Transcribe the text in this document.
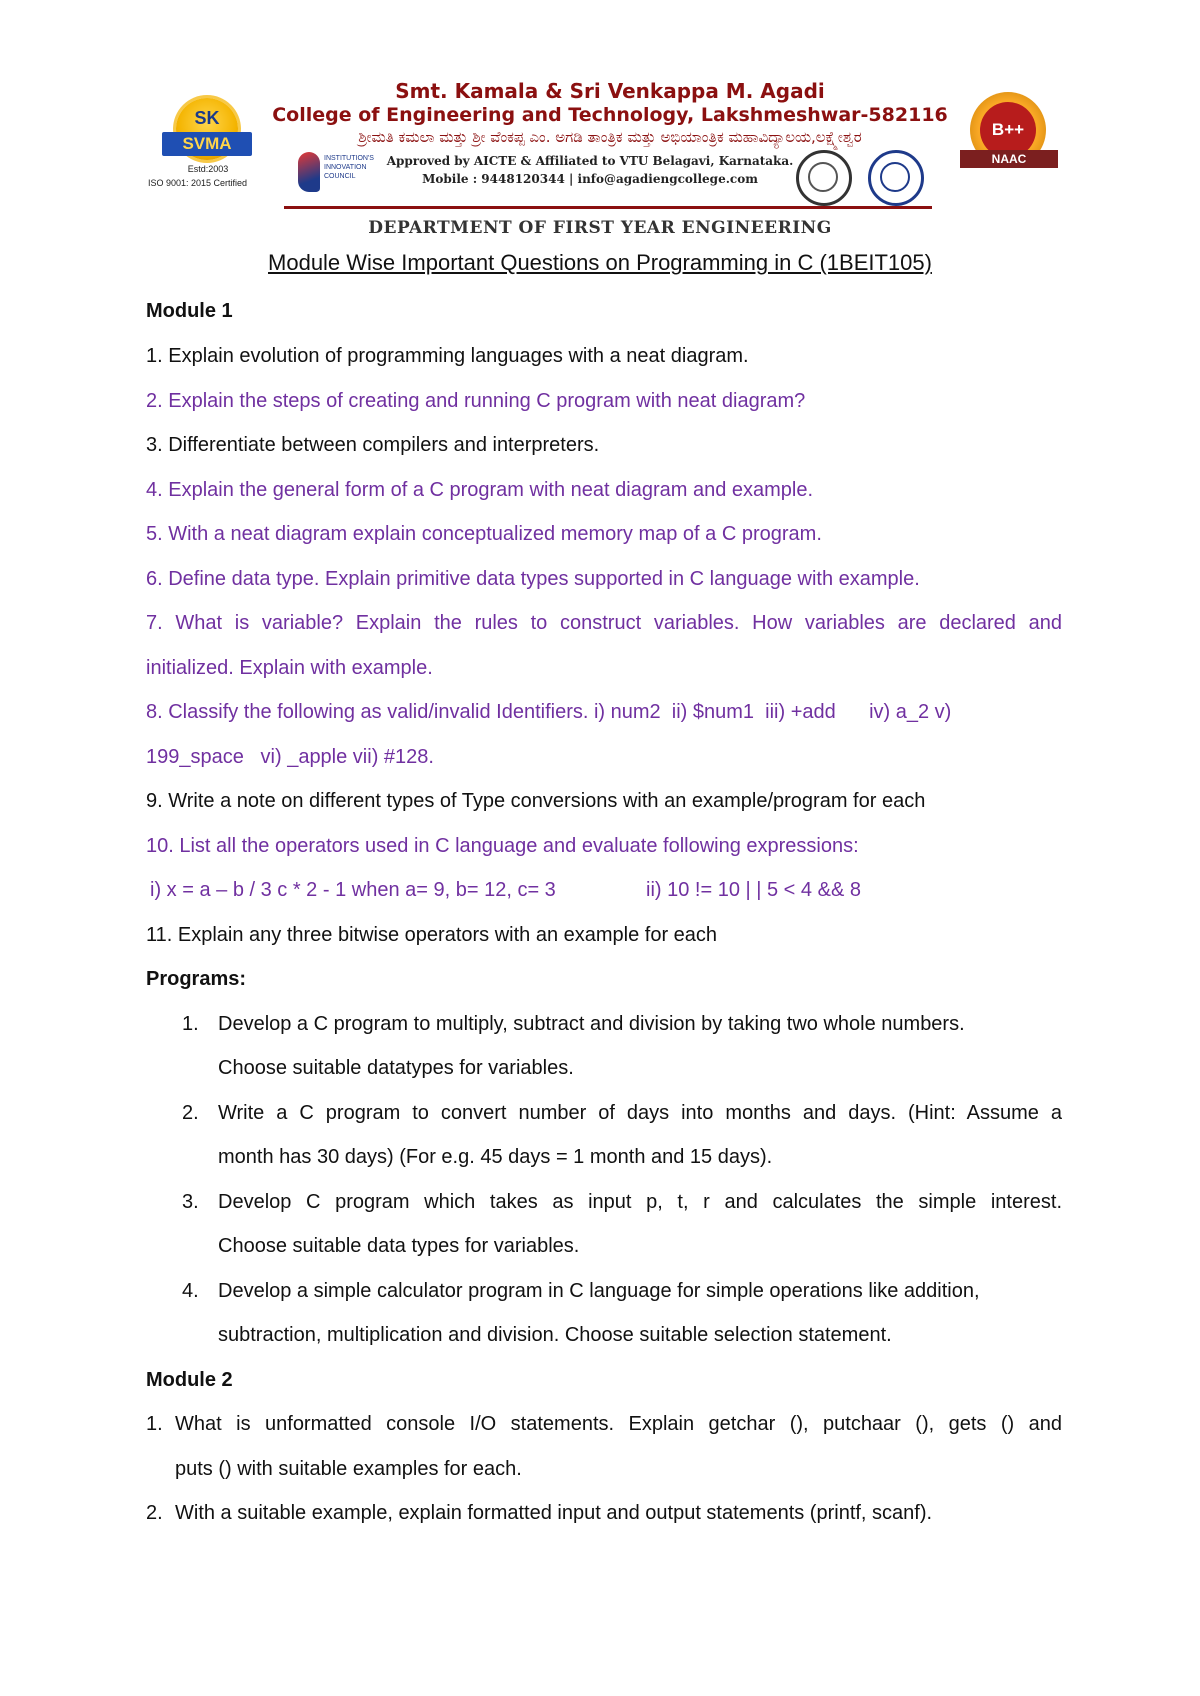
SK
SVMA
Estd:2003
ISO 9001: 2015 Certified
Smt. Kamala & Sri Venkappa M. Agadi
College of Engineering and Technology, Lakshmeshwar-582116
ಶ್ರೀಮತಿ ಕಮಲಾ ಮತ್ತು ಶ್ರೀ ವೆಂಕಪ್ಪ ಎಂ. ಅಗಡಿ ತಾಂತ್ರಿಕ ಮತ್ತು ಅಭಿಯಾಂತ್ರಿಕ ಮಹಾವಿದ್ಯಾಲಯ,ಲಕ್ಷ್ಮೇಶ್ವರ
INSTITUTION'S INNOVATION COUNCIL
Approved by AICTE & Affiliated to VTU Belagavi, Karnataka.
Mobile : 9448120344 | info@agadiengcollege.com
B++
NAAC
DEPARTMENT OF FIRST YEAR ENGINEERING
Module Wise Important Questions on Programming in C (1BEIT105)
Module 1
1. Explain evolution of programming languages with a neat diagram.
2. Explain the steps of creating and running C program with neat diagram?
3. Differentiate between compilers and interpreters.
4. Explain the general form of a C program with neat diagram and example.
5. With a neat diagram explain conceptualized memory map of a C program.
6. Define data type. Explain primitive data types supported in C language with example.
7. What is variable? Explain the rules to construct variables. How variables are declared and
initialized. Explain with example.
8. Classify the following as valid/invalid Identifiers. i) num2  ii) $num1  iii) +add      iv) a_2 v)
199_space   vi) _apple vii) #128.
9. Write a note on different types of Type conversions with an example/program for each
10. List all the operators used in C language and evaluate following expressions:
i) x = a – b / 3 c * 2 - 1 when a= 9, b= 12, c= 3	ii) 10 != 10 | | 5 < 4 && 8
11. Explain any three bitwise operators with an example for each
Programs:
1. Develop a C program to multiply, subtract and division by taking two whole numbers.
Choose suitable datatypes for variables.
2. Write a C program to convert number of days into months and days. (Hint: Assume a
month has 30 days) (For e.g. 45 days = 1 month and 15 days).
3. Develop C program which takes as input p, t, r and calculates the simple interest.
Choose suitable data types for variables.
4. Develop a simple calculator program in C language for simple operations like addition,
subtraction, multiplication and division. Choose suitable selection statement.
Module 2
1. What is unformatted console I/O statements. Explain getchar (), putchaar (), gets () and
puts () with suitable examples for each.
2. With a suitable example, explain formatted input and output statements (printf, scanf).
